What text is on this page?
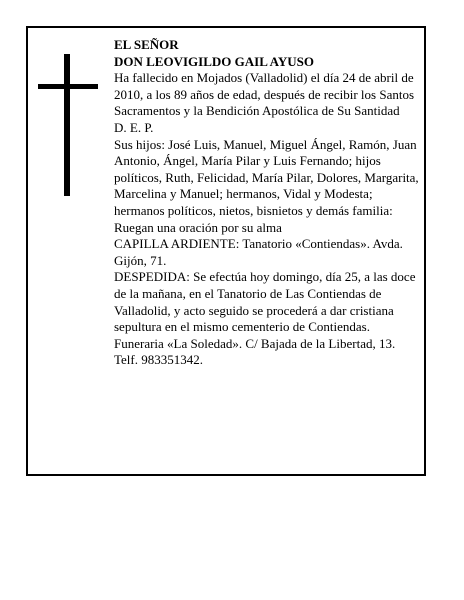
EL SEÑOR

DON LEOVIGILDO GAIL AYUSO

Ha fallecido en Mojados (Valladolid) el día 24 de abril de 2010, a los 89 años de edad, después de recibir los Santos Sacramentos y la Bendición Apostólica de Su Santidad

D. E. P.

Sus hijos: José Luis, Manuel, Miguel Ángel, Ramón, Juan Antonio, Ángel, María Pilar y Luis Fernando; hijos políticos, Ruth, Felicidad, María Pilar, Dolores, Margarita, Marcelina y Manuel; hermanos, Vidal y Modesta; hermanos políticos, nietos, bisnietos y demás familia:

Ruegan una oración por su alma

CAPILLA ARDIENTE: Tanatorio «Contiendas». Avda. Gijón, 71.

DESPEDIDA: Se efectúa hoy domingo, día 25, a las doce de la mañana, en el Tanatorio de Las Contiendas de Valladolid, y acto seguido se procederá a dar cristiana sepultura en el mismo cementerio de Contiendas.

Funeraria «La Soledad». C/ Bajada de la Libertad, 13. Telf. 983351342.
